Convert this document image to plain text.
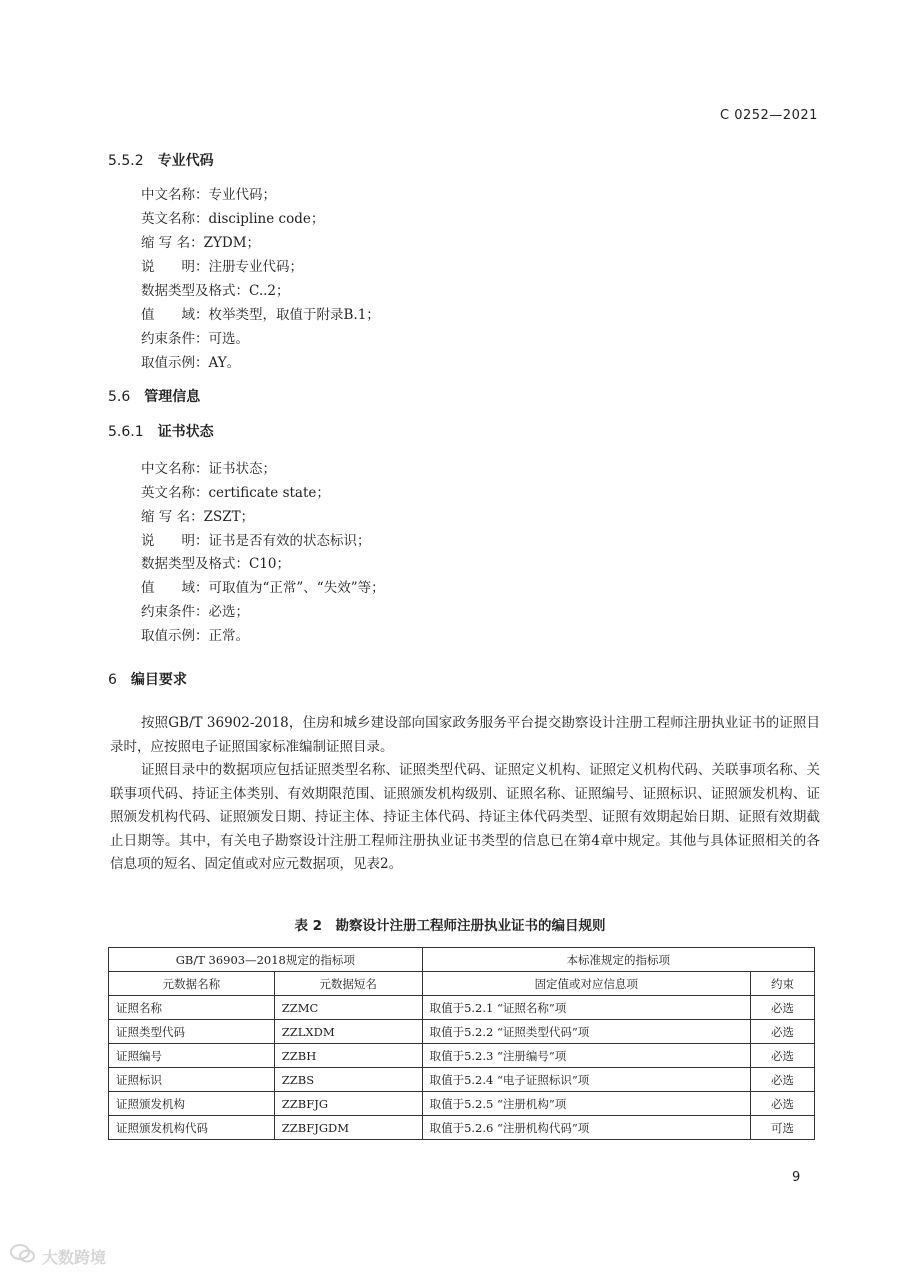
C 0252—2021
5.5.2 专业代码
中文名称：专业代码；
英文名称：discipline code；
缩 写 名：ZYDM；
说　　明：注册专业代码；
数据类型及格式：C..2；
值　　域：枚举类型，取值于附录B.1；
约束条件：可选。
取值示例：AY。
5.6 管理信息
5.6.1 证书状态
中文名称：证书状态；
英文名称：certificate state；
缩 写 名：ZSZT；
说　　明：证书是否有效的状态标识；
数据类型及格式：C10；
值　　域：可取值为“正常”、“失效”等；
约束条件：必选；
取值示例：正常。
6 编目要求
按照GB/T 36902-2018，住房和城乡建设部向国家政务服务平台提交勘察设计注册工程师注册执业证书的证照目录时，应按照电子证照国家标准编制证照目录。
证照目录中的数据项应包括证照类型名称、证照类型代码、证照定义机构、证照定义机构代码、关联事项名称、关联事项代码、持证主体类别、有效期限范围、证照颁发机构级别、证照名称、证照编号、证照标识、证照颁发机构、证照颁发机构代码、证照颁发日期、持证主体、持证主体代码、持证主体代码类型、证照有效期起始日期、证照有效期截止日期等。其中，有关电子勘察设计注册工程师注册执业证书类型的信息已在第4章中规定。其他与具体证照相关的各信息项的短名、固定值或对应元数据项，见表2。
表 2　勘察设计注册工程师注册执业证书的编目规则
GB/T 36903—2018规定的指标项		本标准规定的指标项	
元数据名称	元数据短名	固定值或对应信息项	约束
证照名称	ZZMC	取值于5.2.1 “证照名称”项	必选
证照类型代码	ZZLXDM	取值于5.2.2 “证照类型代码”项	必选
证照编号	ZZBH	取值于5.2.3 “注册编号”项	必选
证照标识	ZZBS	取值于5.2.4 “电子证照标识”项	必选
证照颁发机构	ZZBFJG	取值于5.2.5 “注册机构”项	必选
证照颁发机构代码	ZZBFJGDM	取值于5.2.6 “注册机构代码”项	可选
9
大数跨境
